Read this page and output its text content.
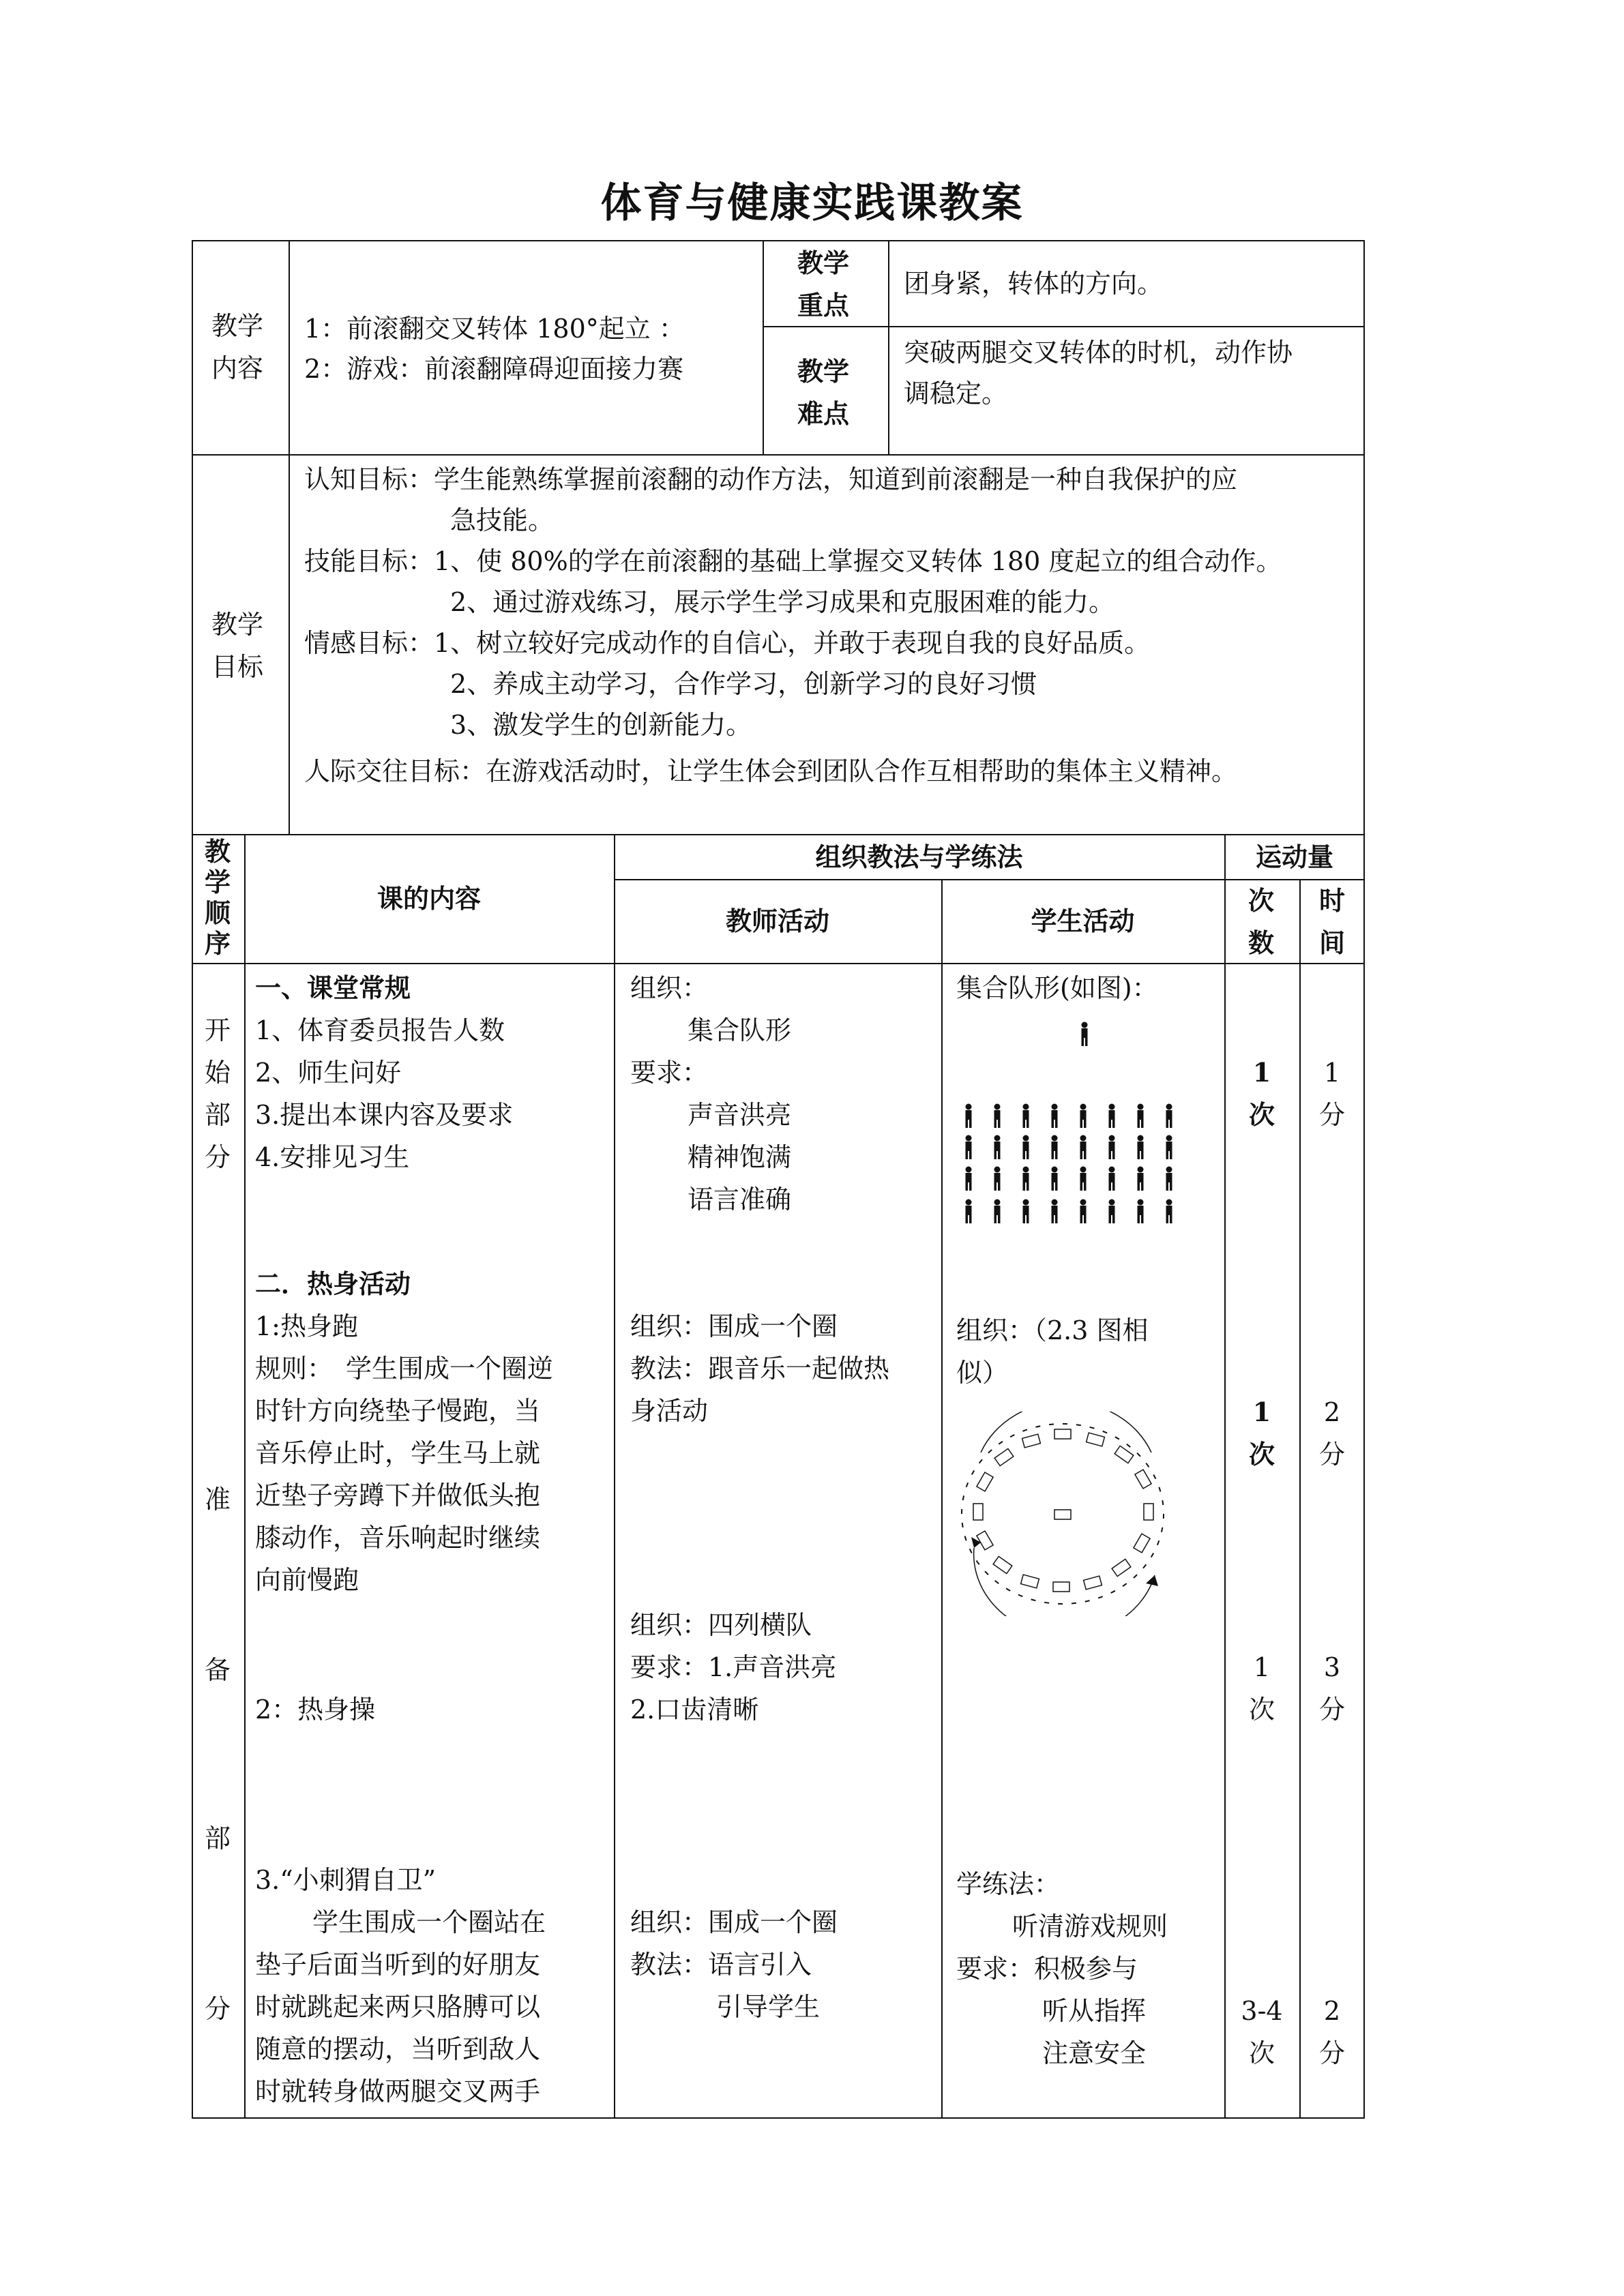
体育与健康实践课教案
教学内容
1：前滚翻交叉转体 180°起立 ：
2：游戏：前滚翻障碍迎面接力赛
教学重点
团身紧，转体的方向。
教学难点
突破两腿交叉转体的时机，动作协
调稳定。
教学目标
认知目标：学生能熟练掌握前滚翻的动作方法，知道到前滚翻是一种自我保护的应
急技能。
技能目标：1、使 80%的学在前滚翻的基础上掌握交叉转体 180 度起立的组合动作。
2、通过游戏练习，展示学生学习成果和克服困难的能力。
情感目标：1、树立较好完成动作的自信心，并敢于表现自我的良好品质。
2、养成主动学习，合作学习，创新学习的良好习惯
3、激发学生的创新能力。
人际交往目标：在游戏活动时，让学生体会到团队合作互相帮助的集体主义精神。
教学顺序
课的内容
组织教法与学练法
教师活动	学生活动
运动量
次数
时间
开始部分
准
备
部
分
一、课堂常规
1、体育委员报告人数
2、师生问好
3.提出本课内容及要求
4.安排见习生
组织：
集合队形
要求：
声音洪亮
精神饱满
语言准确
集合队形(如图)：
1
次
1
分
二．热身活动
1:热身跑
规则：　学生围成一个圈逆
时针方向绕垫子慢跑，当
音乐停止时，学生马上就
近垫子旁蹲下并做低头抱
膝动作，音乐响起时继续
向前慢跑
组织：围成一个圈
教法：跟音乐一起做热
身活动
组织：（2.3 图相
似）
1
次
2
分
组织：四列横队
要求：1.声音洪亮
2.口齿清晰
2：热身操
1
次
3
分
3.“小刺猬自卫”
学生围成一个圈站在
垫子后面当听到的好朋友
时就跳起来两只胳膊可以
随意的摆动，当听到敌人
时就转身做两腿交叉两手
组织：围成一个圈
教法：语言引入
引导学生
学练法：
听清游戏规则
要求：积极参与
听从指挥
注意安全
3-4
次
2
分
